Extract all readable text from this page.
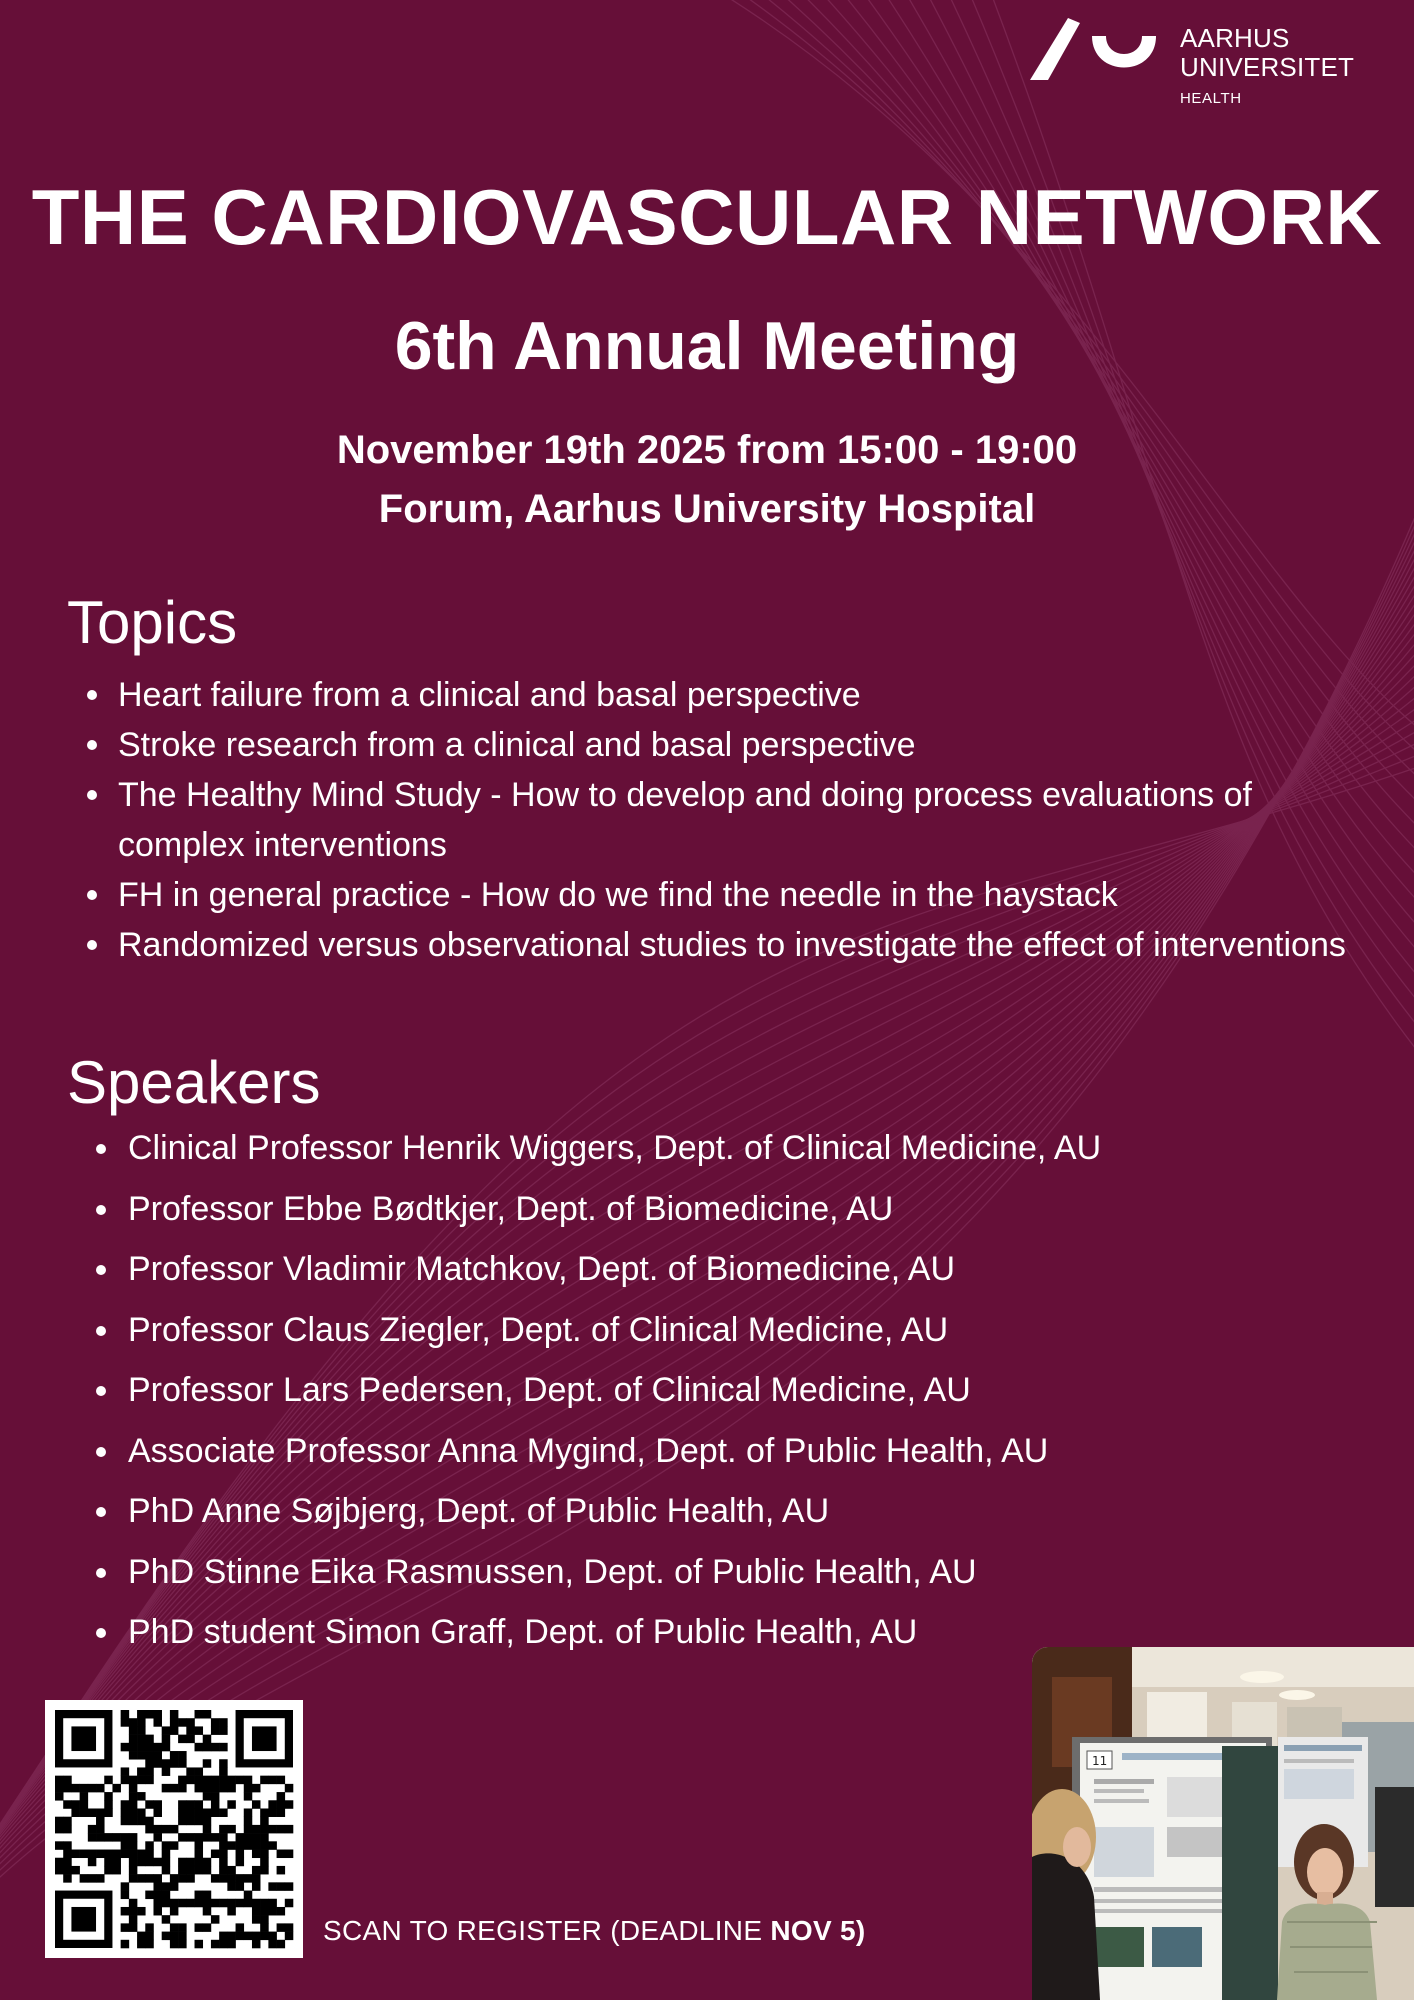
AARHUS
UNIVERSITET
HEALTH
THE CARDIOVASCULAR NETWORK
6th Annual Meeting
November 19th 2025 from 15:00 - 19:00
Forum, Aarhus University Hospital
Topics
Heart failure from a clinical and basal perspective
Stroke research from a clinical and basal perspective
The Healthy Mind Study - How to develop and doing process evaluations of complex interventions
FH in general practice - How do we find the needle in the haystack
Randomized versus observational studies to investigate the effect of interventions
Speakers
Clinical Professor Henrik Wiggers, Dept. of Clinical Medicine, AU
Professor Ebbe Bødtkjer, Dept. of Biomedicine, AU
Professor Vladimir Matchkov, Dept. of Biomedicine, AU
Professor Claus Ziegler, Dept. of Clinical Medicine, AU
Professor Lars Pedersen, Dept. of Clinical Medicine, AU
Associate Professor Anna Mygind, Dept. of Public Health, AU
PhD Anne Søjbjerg, Dept. of Public Health, AU
PhD Stinne Eika Rasmussen, Dept. of Public Health, AU
PhD student Simon Graff, Dept. of Public Health, AU
SCAN TO REGISTER (DEADLINE NOV 5)
11
